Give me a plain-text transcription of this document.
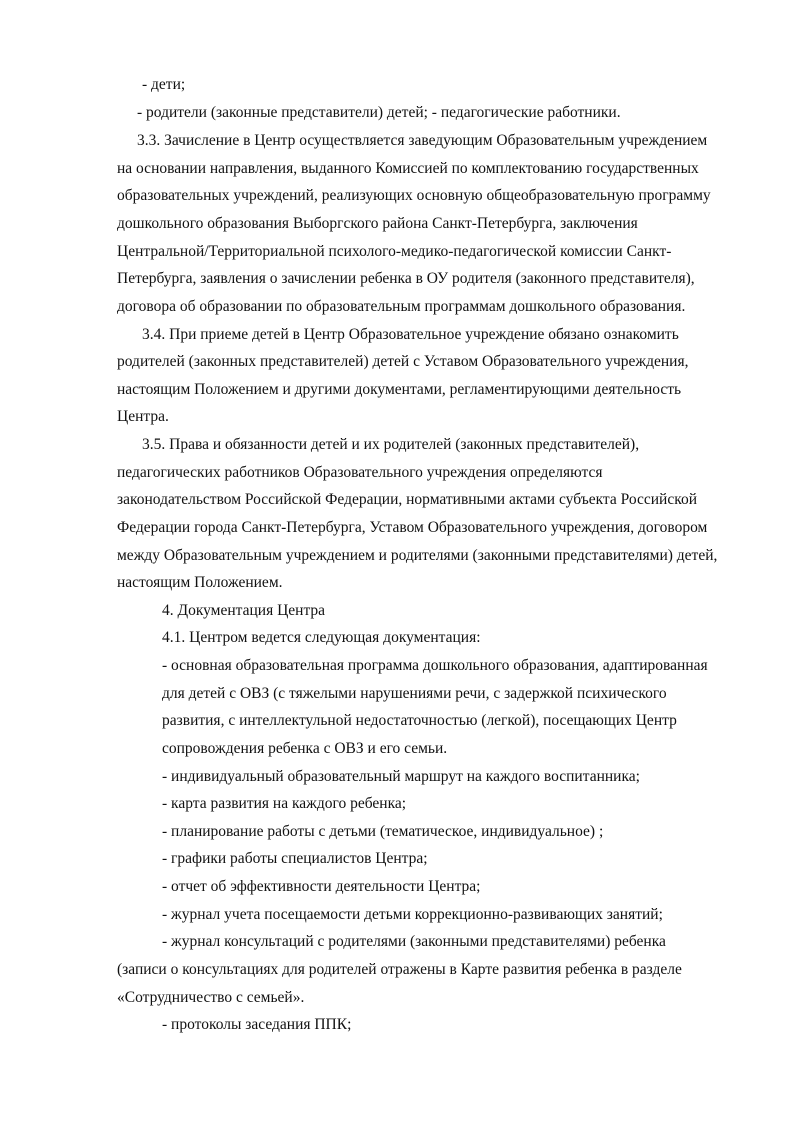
- дети;
- родители (законные представители) детей; - педагогические работники.
3.3. Зачисление в Центр осуществляется заведующим Образовательным учреждением
на основании направления, выданного Комиссией по комплектованию государственных
образовательных учреждений, реализующих основную общеобразовательную программу
дошкольного образования Выборгского района Санкт-Петербурга, заключения
Центральной/Территориальной психолого-медико-педагогической комиссии Санкт-
Петербурга, заявления о зачислении ребенка в ОУ родителя (законного представителя),
договора об образовании по образовательным программам дошкольного образования.
3.4. При приеме детей в Центр Образовательное учреждение обязано ознакомить
родителей (законных представителей) детей с Уставом Образовательного учреждения,
настоящим Положением и другими документами, регламентирующими деятельность
Центра.
3.5. Права и обязанности детей и их родителей (законных представителей),
педагогических работников Образовательного учреждения определяются
законодательством Российской Федерации, нормативными актами субъекта Российской
Федерации города Санкт-Петербурга, Уставом Образовательного учреждения, договором
между Образовательным учреждением и родителями (законными представителями) детей,
настоящим Положением.
4. Документация Центра
4.1. Центром ведется следующая документация:
- основная образовательная программа дошкольного образования, адаптированная
для детей с ОВЗ (с тяжелыми нарушениями речи, с задержкой психического
развития, с интеллектульной недостаточностью (легкой), посещающих Центр
сопровождения ребенка с ОВЗ и его семьи.
- индивидуальный образовательный маршрут на каждого воспитанника;
- карта развития на каждого ребенка;
- планирование работы с детьми (тематическое, индивидуальное) ;
- графики работы специалистов Центра;
- отчет об эффективности деятельности Центра;
- журнал учета посещаемости детьми коррекционно-развивающих занятий;
- журнал консультаций с родителями (законными представителями) ребенка
(записи о консультациях для родителей отражены в Карте развития ребенка в разделе
«Сотрудничество с семьей».
- протоколы заседания ППК;
